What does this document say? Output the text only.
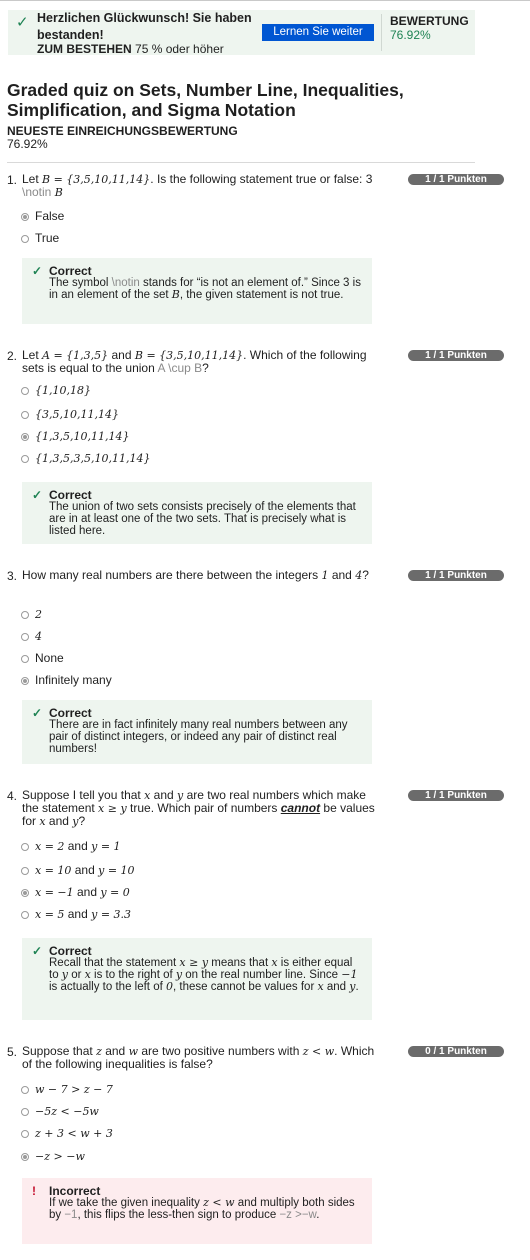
✓ Herzlichen Glückwunsch! Sie haben bestanden!
ZUM BESTEHEN 75 % oder höher
Lernen Sie weiter
BEWERTUNG
76.92%
Graded quiz on Sets, Number Line, Inequalities, Simplification, and Sigma Notation
NEUESTE EINREICHUNGSBEWERTUNG
76.92%
1. Let B = {3,5,10,11,14}. Is the following statement true or false: 3 \notin B
1 / 1 Punkten
False
True
✓ Correct
The symbol \notin stands for “is not an element of.” Since 3 is in an element of the set B, the given statement is not true.
2. Let A = {1,3,5} and B = {3,5,10,11,14}. Which of the following sets is equal to the union A \cup B?
1 / 1 Punkten
{1,10,18}
{3,5,10,11,14}
{1,3,5,10,11,14}
{1,3,5,3,5,10,11,14}
✓ Correct
The union of two sets consists precisely of the elements that are in at least one of the two sets. That is precisely what is listed here.
3. How many real numbers are there between the integers 1 and 4?	1 / 1 Punkten
2
4
None
Infinitely many
✓ Correct
There are in fact infinitely many real numbers between any pair of distinct integers, or indeed any pair of distinct real numbers!
4. Suppose I tell you that x and y are two real numbers which make the statement x ≥ y true. Which pair of numbers cannot be values for x and y?
1 / 1 Punkten
x = 2 and y = 1
x = 10 and y = 10
x = −1 and y = 0
x = 5 and y = 3.3
✓ Correct
Recall that the statement x ≥ y means that x is either equal to y or x is to the right of y on the real number line. Since −1 is actually to the left of 0, these cannot be values for x and y.
5. Suppose that z and w are two positive numbers with z < w. Which of the following inequalities is false?
0 / 1 Punkten
w − 7 > z − 7
−5z < −5w
z + 3 < w + 3
−z > −w
! Incorrect
If we take the given inequality z < w and multiply both sides by −1, this flips the less-then sign to produce −z >−w.
